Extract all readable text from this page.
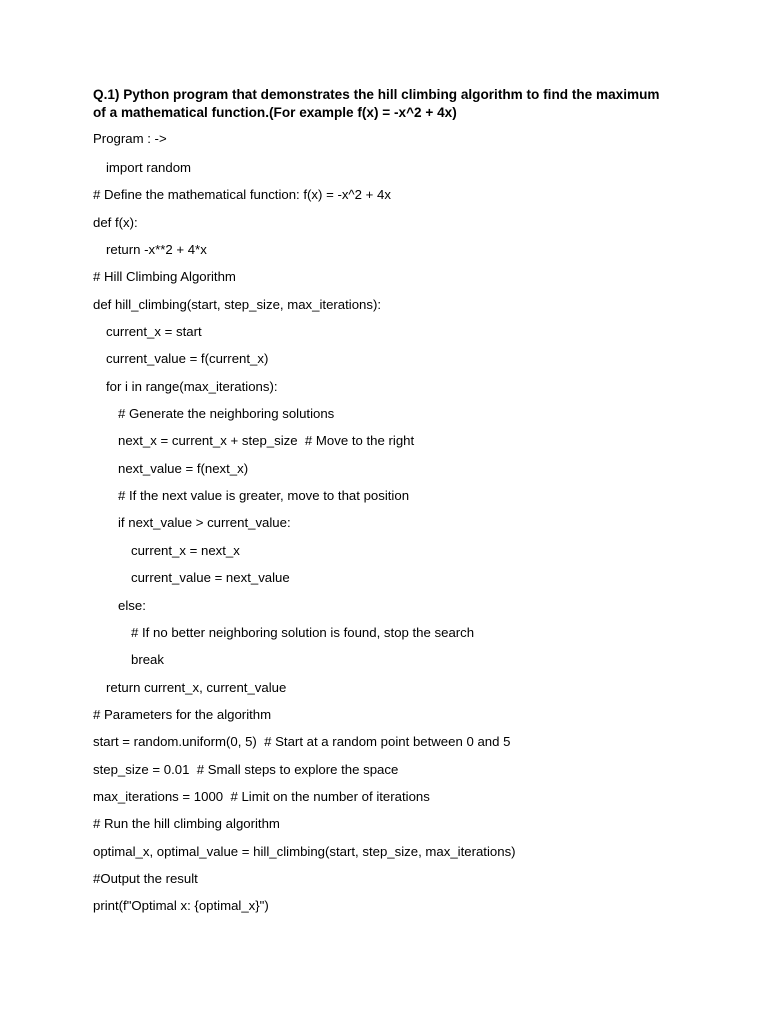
Q.1) Python program that demonstrates the hill climbing algorithm to find the maximum of a mathematical function.(For example f(x) = -x^2 + 4x)

Program : ->

import random
# Define the mathematical function: f(x) = -x^2 + 4x
def f(x):
return -x**2 + 4*x
# Hill Climbing Algorithm
def hill_climbing(start, step_size, max_iterations):
current_x = start
current_value = f(current_x)
for i in range(max_iterations):
# Generate the neighboring solutions
next_x = current_x + step_size  # Move to the right
next_value = f(next_x)
# If the next value is greater, move to that position
if next_value > current_value:
current_x = next_x
current_value = next_value
else:
# If no better neighboring solution is found, stop the search
break
return current_x, current_value
# Parameters for the algorithm
start = random.uniform(0, 5)  # Start at a random point between 0 and 5
step_size = 0.01  # Small steps to explore the space
max_iterations = 1000  # Limit on the number of iterations
# Run the hill climbing algorithm
optimal_x, optimal_value = hill_climbing(start, step_size, max_iterations)
#Output the result
print(f"Optimal x: {optimal_x}")
